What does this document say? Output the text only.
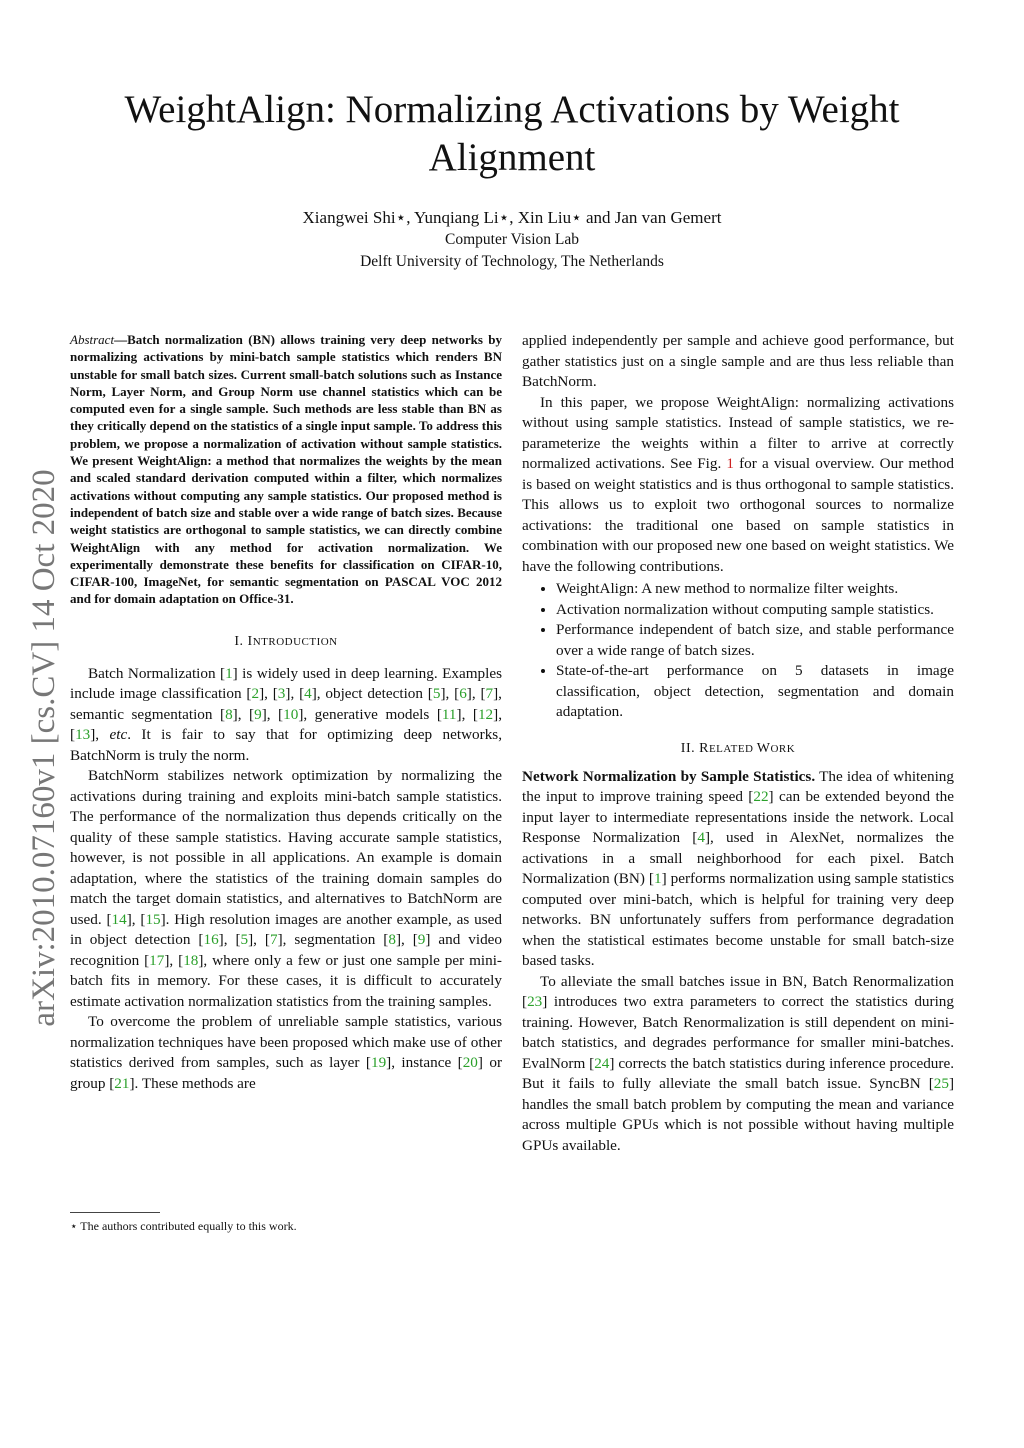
WeightAlign: Normalizing Activations by Weight Alignment
Xiangwei Shi⋆, Yunqiang Li⋆, Xin Liu⋆ and Jan van Gemert
Computer Vision Lab
Delft University of Technology, The Netherlands
arXiv:2010.07160v1 [cs.CV] 14 Oct 2020

Abstract—Batch normalization (BN) allows training very deep networks by normalizing activations by mini-batch sample statistics which renders BN unstable for small batch sizes. Current small-batch solutions such as Instance Norm, Layer Norm, and Group Norm use channel statistics which can be computed even for a single sample. Such methods are less stable than BN as they critically depend on the statistics of a single input sample. To address this problem, we propose a normalization of activation without sample statistics. We present WeightAlign: a method that normalizes the weights by the mean and scaled standard derivation computed within a filter, which normalizes activations without computing any sample statistics. Our proposed method is independent of batch size and stable over a wide range of batch sizes. Because weight statistics are orthogonal to sample statistics, we can directly combine WeightAlign with any method for activation normalization. We experimentally demonstrate these benefits for classification on CIFAR-10, CIFAR-100, ImageNet, for semantic segmentation on PASCAL VOC 2012 and for domain adaptation on Office-31.

I. INTRODUCTION

Batch Normalization [1] is widely used in deep learning. Examples include image classification [2], [3], [4], object detection [5], [6], [7], semantic segmentation [8], [9], [10], generative models [11], [12], [13], etc. It is fair to say that for optimizing deep networks, BatchNorm is truly the norm.

BatchNorm stabilizes network optimization by normalizing the activations during training and exploits mini-batch sample statistics. The performance of the normalization thus depends critically on the quality of these sample statistics. Having accurate sample statistics, however, is not possible in all applications. An example is domain adaptation, where the statistics of the training domain samples do match the target domain statistics, and alternatives to BatchNorm are used. [14], [15]. High resolution images are another example, as used in object detection [16], [5], [7], segmentation [8], [9] and video recognition [17], [18], where only a few or just one sample per mini-batch fits in memory. For these cases, it is difficult to accurately estimate activation normalization statistics from the training samples.

To overcome the problem of unreliable sample statistics, various normalization techniques have been proposed which make use of other statistics derived from samples, such as layer [19], instance [20] or group [21]. These methods are

⋆ The authors contributed equally to this work.

applied independently per sample and achieve good performance, but gather statistics just on a single sample and are thus less reliable than BatchNorm.

In this paper, we propose WeightAlign: normalizing activations without using sample statistics. Instead of sample statistics, we re-parameterize the weights within a filter to arrive at correctly normalized activations. See Fig. 1 for a visual overview. Our method is based on weight statistics and is thus orthogonal to sample statistics. This allows us to exploit two orthogonal sources to normalize activations: the traditional one based on sample statistics in combination with our proposed new one based on weight statistics. We have the following contributions.

• WeightAlign: A new method to normalize filter weights.
• Activation normalization without computing sample statistics.
• Performance independent of batch size, and stable performance over a wide range of batch sizes.
• State-of-the-art performance on 5 datasets in image classification, object detection, segmentation and domain adaptation.
II. RELATED WORK

Network Normalization by Sample Statistics. The idea of whitening the input to improve training speed [22] can be extended beyond the input layer to intermediate representations inside the network. Local Response Normalization [4], used in AlexNet, normalizes the activations in a small neighborhood for each pixel. Batch Normalization (BN) [1] performs normalization using sample statistics computed over mini-batch, which is helpful for training very deep networks. BN unfortunately suffers from performance degradation when the statistical estimates become unstable for small batch-size based tasks.

To alleviate the small batches issue in BN, Batch Renormalization [23] introduces two extra parameters to correct the statistics during training. However, Batch Renormalization is still dependent on mini-batch statistics, and degrades performance for smaller mini-batches. EvalNorm [24] corrects the batch statistics during inference procedure. But it fails to fully alleviate the small batch issue. SyncBN [25] handles the small batch problem by computing the mean and variance across multiple GPUs which is not possible without having multiple GPUs available.
